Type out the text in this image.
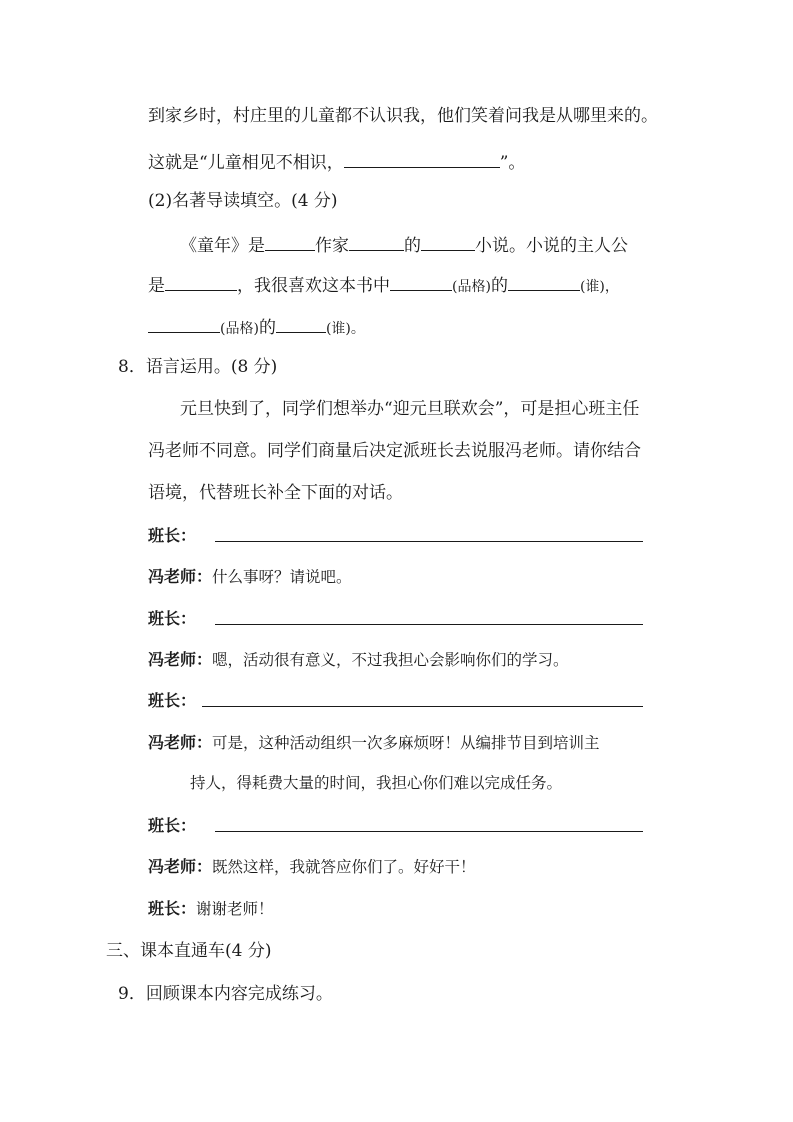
到家乡时，村庄里的儿童都不认识我，他们笑着问我是从哪里来的。
这就是“儿童相见不相识，	”。
(2)名著导读填空。(4 分)
《童年》是	作家	的	小说。小说的主人公
是	，我很喜欢这本书中	(品格)的	(谁)，
(品格)的	(谁)。
8．语言运用。(8 分)
元旦快到了，同学们想举办“迎元旦联欢会”，可是担心班主任
冯老师不同意。同学们商量后决定派班长去说服冯老师。请你结合
语境，代替班长补全下面的对话。
班长：
冯老师：什么事呀？请说吧。
班长：
冯老师：嗯，活动很有意义，不过我担心会影响你们的学习。
班长：
冯老师：可是，这种活动组织一次多麻烦呀！从编排节目到培训主
持人，得耗费大量的时间，我担心你们难以完成任务。
班长：
冯老师：既然这样，我就答应你们了。好好干！
班长：谢谢老师！
三、课本直通车(4 分)
9．回顾课本内容完成练习。
